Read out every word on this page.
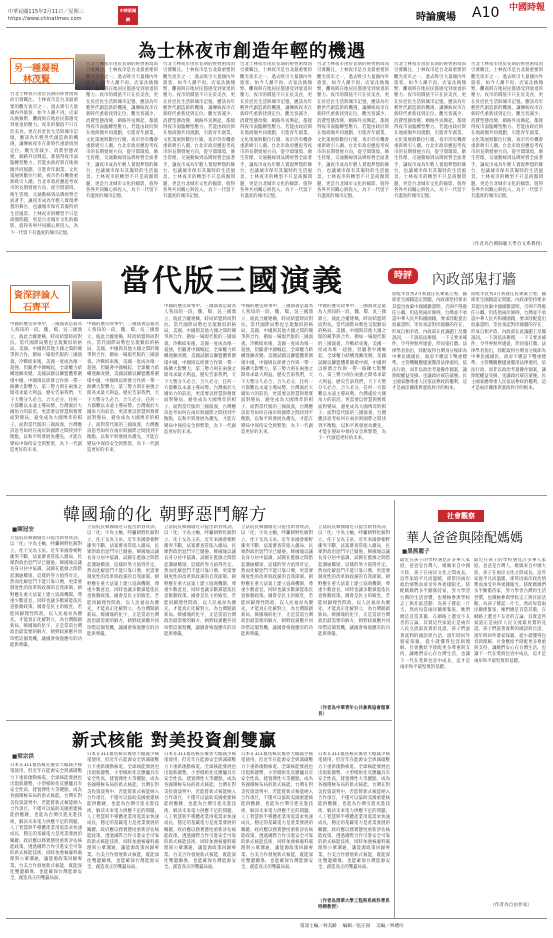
中華民國115年2月11日／星期三
https://www.chinatimes.com
中時新聞網	時論廣場 A10 中國時報
為士林夜市創造年輕的機遇
另一種凝視
林茂賢
台北士林夜市由於長期的經營困境而引發關注。士林夜市是台北最重要的觀光夜市之一，過去吸引大量國內外旅客，如今人潮不再、店家汰換頻繁，攤商與在地居民都感受到衰退的壓力。夜市的價值不只在於美食，更在於庶民生活與城市記憶，應該為年輕世代創造新的機遇，讓傳統夜市在新時代重新找到定位。觀光客減少、消費型態改變、網路外送興起，都使得夜市面臨轉型壓力。若能由政府與在地商圈共同規劃，引進青年創業、文化策展與數位行銷，夜市仍有機會重新吸引人潮。台北市政府應思考夜市的長期發展方向，從空間環境、衛生管理、交通動線到品牌經營全面著手，讓夜市成為年輕人實現夢想的舞台，也讓城市保有其獨特的生活風景。士林夜市的轉型不只是商圈問題，更是台北城市文化的縮影，值得各界共同關心與投入，為下一代留下有溫度的城市記憶。
台北士林夜市由於長期的經營困境而引發關注。士林夜市是台北最重要的觀光夜市之一，過去吸引大量國內外旅客，如今人潮不再、店家汰換頻繁，攤商與在地居民都感受到衰退的壓力。夜市的價值不只在於美食，更在於庶民生活與城市記憶，應該為年輕世代創造新的機遇，讓傳統夜市在新時代重新找到定位。觀光客減少、消費型態改變、網路外送興起，都使得夜市面臨轉型壓力。若能由政府與在地商圈共同規劃，引進青年創業、文化策展與數位行銷，夜市仍有機會重新吸引人潮。台北市政府應思考夜市的長期發展方向，從空間環境、衛生管理、交通動線到品牌經營全面著手，讓夜市成為年輕人實現夢想的舞台，也讓城市保有其獨特的生活風景。士林夜市的轉型不只是商圈問題，更是台北城市文化的縮影，值得各界共同關心與投入，為下一代留下有溫度的城市記憶。
台北士林夜市由於長期的經營困境而引發關注。士林夜市是台北最重要的觀光夜市之一，過去吸引大量國內外旅客，如今人潮不再、店家汰換頻繁，攤商與在地居民都感受到衰退的壓力。夜市的價值不只在於美食，更在於庶民生活與城市記憶，應該為年輕世代創造新的機遇，讓傳統夜市在新時代重新找到定位。觀光客減少、消費型態改變、網路外送興起，都使得夜市面臨轉型壓力。若能由政府與在地商圈共同規劃，引進青年創業、文化策展與數位行銷，夜市仍有機會重新吸引人潮。台北市政府應思考夜市的長期發展方向，從空間環境、衛生管理、交通動線到品牌經營全面著手，讓夜市成為年輕人實現夢想的舞台，也讓城市保有其獨特的生活風景。士林夜市的轉型不只是商圈問題，更是台北城市文化的縮影，值得各界共同關心與投入，為下一代留下有溫度的城市記憶。
台北士林夜市由於長期的經營困境而引發關注。士林夜市是台北最重要的觀光夜市之一，過去吸引大量國內外旅客，如今人潮不再、店家汰換頻繁，攤商與在地居民都感受到衰退的壓力。夜市的價值不只在於美食，更在於庶民生活與城市記憶，應該為年輕世代創造新的機遇，讓傳統夜市在新時代重新找到定位。觀光客減少、消費型態改變、網路外送興起，都使得夜市面臨轉型壓力。若能由政府與在地商圈共同規劃，引進青年創業、文化策展與數位行銷，夜市仍有機會重新吸引人潮。台北市政府應思考夜市的長期發展方向，從空間環境、衛生管理、交通動線到品牌經營全面著手，讓夜市成為年輕人實現夢想的舞台，也讓城市保有其獨特的生活風景。士林夜市的轉型不只是商圈問題，更是台北城市文化的縮影，值得各界共同關心與投入，為下一代留下有溫度的城市記憶。
台北士林夜市由於長期的經營困境而引發關注。士林夜市是台北最重要的觀光夜市之一，過去吸引大量國內外旅客，如今人潮不再、店家汰換頻繁，攤商與在地居民都感受到衰退的壓力。夜市的價值不只在於美食，更在於庶民生活與城市記憶，應該為年輕世代創造新的機遇，讓傳統夜市在新時代重新找到定位。觀光客減少、消費型態改變、網路外送興起，都使得夜市面臨轉型壓力。若能由政府與在地商圈共同規劃，引進青年創業、文化策展與數位行銷，夜市仍有機會重新吸引人潮。台北市政府應思考夜市的長期發展方向，從空間環境、衛生管理、交通動線到品牌經營全面著手，讓夜市成為年輕人實現夢想的舞台，也讓城市保有其獨特的生活風景。士林夜市的轉型不只是商圈問題，更是台北城市文化的縮影，值得各界共同關心與投入，為下一代留下有溫度的城市記憶。
台北士林夜市由於長期的經營困境而引發關注。士林夜市是台北最重要的觀光夜市之一，過去吸引大量國內外旅客，如今人潮不再、店家汰換頻繁，攤商與在地居民都感受到衰退的壓力。夜市的價值不只在於美食，更在於庶民生活與城市記憶，應該為年輕世代創造新的機遇，讓傳統夜市在新時代重新找到定位。觀光客減少、消費型態改變、網路外送興起，都使得夜市面臨轉型壓力。若能由政府與在地商圈共同規劃，引進青年創業、文化策展與數位行銷，夜市仍有機會重新吸引人潮。台北市政府應思考夜市的長期發展方向，從空間環境、衛生管理、交通動線到品牌經營全面著手，讓夜市成為年輕人實現夢想的舞台，也讓城市保有其獨特的生活風景。士林夜市的轉型不只是商圈問題，更是台北城市文化的縮影，值得各界共同關心與投入，為下一代留下有溫度的城市記憶。
台北士林夜市由於長期的經營困境而引發關注。士林夜市是台北最重要的觀光夜市之一，過去吸引大量國內外旅客，如今人潮不再、店家汰換頻繁，攤商與在地居民都感受到衰退的壓力。夜市的價值不只在於美食，更在於庶民生活與城市記憶，應該為年輕世代創造新的機遇，讓傳統夜市在新時代重新找到定位。觀光客減少、消費型態改變、網路外送興起，都使得夜市面臨轉型壓力。若能由政府與在地商圈共同規劃，引進青年創業、文化策展與數位行銷，夜市仍有機會重新吸引人潮。台北市政府應思考夜市的長期發展方向，從空間環境、衛生管理、交通動線到品牌經營全面著手，讓夜市成為年輕人實現夢想的舞台，也讓城市保有其獨特的生活風景。士林夜市的轉型不只是商圈問題，更是台北城市文化的縮影，值得各界共同關心與投入，為下一代留下有溫度的城市記憶。
（作者為台灣師範大學台文系教授）
當代版三國演義
資深評論人
石齊平
中國的歷史故事中，三國演義是最為人熟知的一段，魏、蜀、吳三國鼎立，彼此合縱連橫，時而結盟時而對抗。當代國際局勢也呈現類似的格局，美國、中國與其他大國之間的競爭與合作，猶如一場現代版的三國演義。冷戰結束後，美國一度成為唯一超強，但隨著中國崛起，全球權力結構逐漸改變。美國試圖以聯盟體系圍堵中國，中國則以經濟合作與一帶一路擴大影響力，第三勢力則在兩強之間尋求最大利益。歷史告訴我們，天下大勢分久必合、合久必分，任何一方都難以永遠主導局勢。台灣處於大國角力的前沿，更需要以智慧與務實面對變局，避免成為大國博弈的棋子。面對當代版的三國演義，台灣應該思考如何在兩岸與國際之間找到平衡點，以和平與發展為優先，才能在變局中保持安全與繁榮，為下一代創造更好的未來。
中國的歷史故事中，三國演義是最為人熟知的一段，魏、蜀、吳三國鼎立，彼此合縱連橫，時而結盟時而對抗。當代國際局勢也呈現類似的格局，美國、中國與其他大國之間的競爭與合作，猶如一場現代版的三國演義。冷戰結束後，美國一度成為唯一超強，但隨著中國崛起，全球權力結構逐漸改變。美國試圖以聯盟體系圍堵中國，中國則以經濟合作與一帶一路擴大影響力，第三勢力則在兩強之間尋求最大利益。歷史告訴我們，天下大勢分久必合、合久必分，任何一方都難以永遠主導局勢。台灣處於大國角力的前沿，更需要以智慧與務實面對變局，避免成為大國博弈的棋子。面對當代版的三國演義，台灣應該思考如何在兩岸與國際之間找到平衡點，以和平與發展為優先，才能在變局中保持安全與繁榮，為下一代創造更好的未來。
中國的歷史故事中，三國演義是最為人熟知的一段，魏、蜀、吳三國鼎立，彼此合縱連橫，時而結盟時而對抗。當代國際局勢也呈現類似的格局，美國、中國與其他大國之間的競爭與合作，猶如一場現代版的三國演義。冷戰結束後，美國一度成為唯一超強，但隨著中國崛起，全球權力結構逐漸改變。美國試圖以聯盟體系圍堵中國，中國則以經濟合作與一帶一路擴大影響力，第三勢力則在兩強之間尋求最大利益。歷史告訴我們，天下大勢分久必合、合久必分，任何一方都難以永遠主導局勢。台灣處於大國角力的前沿，更需要以智慧與務實面對變局，避免成為大國博弈的棋子。面對當代版的三國演義，台灣應該思考如何在兩岸與國際之間找到平衡點，以和平與發展為優先，才能在變局中保持安全與繁榮，為下一代創造更好的未來。
中國的歷史故事中，三國演義是最為人熟知的一段，魏、蜀、吳三國鼎立，彼此合縱連橫，時而結盟時而對抗。當代國際局勢也呈現類似的格局，美國、中國與其他大國之間的競爭與合作，猶如一場現代版的三國演義。冷戰結束後，美國一度成為唯一超強，但隨著中國崛起，全球權力結構逐漸改變。美國試圖以聯盟體系圍堵中國，中國則以經濟合作與一帶一路擴大影響力，第三勢力則在兩強之間尋求最大利益。歷史告訴我們，天下大勢分久必合、合久必分，任何一方都難以永遠主導局勢。台灣處於大國角力的前沿，更需要以智慧與務實面對變局，避免成為大國博弈的棋子。面對當代版的三國演義，台灣應該思考如何在兩岸與國際之間找到平衡點，以和平與發展為優先，才能在變局中保持安全與繁榮，為下一代創造更好的未來。
中國的歷史故事中，三國演義是最為人熟知的一段，魏、蜀、吳三國鼎立，彼此合縱連橫，時而結盟時而對抗。當代國際局勢也呈現類似的格局，美國、中國與其他大國之間的競爭與合作，猶如一場現代版的三國演義。冷戰結束後，美國一度成為唯一超強，但隨著中國崛起，全球權力結構逐漸改變。美國試圖以聯盟體系圍堵中國，中國則以經濟合作與一帶一路擴大影響力，第三勢力則在兩強之間尋求最大利益。歷史告訴我們，天下大勢分久必合、合久必分，任何一方都難以永遠主導局勢。台灣處於大國角力的前沿，更需要以智慧與務實面對變局，避免成為大國博弈的棋子。面對當代版的三國演義，台灣應該思考如何在兩岸與國際之間找到平衡點，以和平與發展為優先，才能在變局中保持安全與繁榮，為下一代創造更好的未來。
時評	內政部鬼打牆
陸配李貞秀2月初就任民眾黨立委，隨即產生國籍認定問題。內政部堅持要求其提出放棄中國國籍證明，否則不得擔任公職，但依照兩岸條例，台灣並不承認中華人民共和國國籍，要求陸配提出放棄證明，等於承認對岸國籍的存在，形成自相矛盾。內政部在此議題上反覆說詞，一下說依法辦理，一下又要求補件，令外界無所適從，形同鬼打牆。法律學者指出，陸配取得台灣身分後即為中華民國國民，政府不應設下雙重標準。主管機關應儘速釐清法律適用，依法行政，而非以政治考量操作個案，讓陸配權益受損，也讓政府威信蒙塵。民主國家應尊重人民依法參政的權利，這才是兩岸關係與憲政秩序的根本。
陸配李貞秀2月初就任民眾黨立委，隨即產生國籍認定問題。內政部堅持要求其提出放棄中國國籍證明，否則不得擔任公職，但依照兩岸條例，台灣並不承認中華人民共和國國籍，要求陸配提出放棄證明，等於承認對岸國籍的存在，形成自相矛盾。內政部在此議題上反覆說詞，一下說依法辦理，一下又要求補件，令外界無所適從，形同鬼打牆。法律學者指出，陸配取得台灣身分後即為中華民國國民，政府不應設下雙重標準。主管機關應儘速釐清法律適用，依法行政，而非以政治考量操作個案，讓陸配權益受損，也讓政府威信蒙塵。民主國家應尊重人民依法參政的權利，這才是兩岸關係與憲政秩序的根本。
韓國瑜的化 朝野惡鬥解方
■陳冠安
立法院長韓國瑜近日提出新春賀詞，以「化」字為主軸，呼籲朝野化解對立、化干戈為玉帛。近年來國會朝野衝突不斷，法案審查常陷入僵局，民眾對政治惡鬥早已厭倦。韓國瑜以議長身分居中協調，試圖在藍綠之間搭起溝通橋梁，這樣的努力值得肯定。然而化解惡鬥不能只靠口號，更需要制度性的改革與政黨的自我節制。朝野應在重大法案上建立協商機制，尊重少數意見，同時也讓多數黨能依民意推動政策。國會是民主的殿堂，若能回歸理性問政，以人民福祉為優先，才能真正化解對立，為台灣開創新局。韓國瑜的化字，正是當前台灣政治最需要的解方，朝野政黨應共同珍惜這個契機，讓國會恢復應有的功能與尊嚴。
立法院長韓國瑜近日提出新春賀詞，以「化」字為主軸，呼籲朝野化解對立、化干戈為玉帛。近年來國會朝野衝突不斷，法案審查常陷入僵局，民眾對政治惡鬥早已厭倦。韓國瑜以議長身分居中協調，試圖在藍綠之間搭起溝通橋梁，這樣的努力值得肯定。然而化解惡鬥不能只靠口號，更需要制度性的改革與政黨的自我節制。朝野應在重大法案上建立協商機制，尊重少數意見，同時也讓多數黨能依民意推動政策。國會是民主的殿堂，若能回歸理性問政，以人民福祉為優先，才能真正化解對立，為台灣開創新局。韓國瑜的化字，正是當前台灣政治最需要的解方，朝野政黨應共同珍惜這個契機，讓國會恢復應有的功能與尊嚴。
立法院長韓國瑜近日提出新春賀詞，以「化」字為主軸，呼籲朝野化解對立、化干戈為玉帛。近年來國會朝野衝突不斷，法案審查常陷入僵局，民眾對政治惡鬥早已厭倦。韓國瑜以議長身分居中協調，試圖在藍綠之間搭起溝通橋梁，這樣的努力值得肯定。然而化解惡鬥不能只靠口號，更需要制度性的改革與政黨的自我節制。朝野應在重大法案上建立協商機制，尊重少數意見，同時也讓多數黨能依民意推動政策。國會是民主的殿堂，若能回歸理性問政，以人民福祉為優先，才能真正化解對立，為台灣開創新局。韓國瑜的化字，正是當前台灣政治最需要的解方，朝野政黨應共同珍惜這個契機，讓國會恢復應有的功能與尊嚴。
立法院長韓國瑜近日提出新春賀詞，以「化」字為主軸，呼籲朝野化解對立、化干戈為玉帛。近年來國會朝野衝突不斷，法案審查常陷入僵局，民眾對政治惡鬥早已厭倦。韓國瑜以議長身分居中協調，試圖在藍綠之間搭起溝通橋梁，這樣的努力值得肯定。然而化解惡鬥不能只靠口號，更需要制度性的改革與政黨的自我節制。朝野應在重大法案上建立協商機制，尊重少數意見，同時也讓多數黨能依民意推動政策。國會是民主的殿堂，若能回歸理性問政，以人民福祉為優先，才能真正化解對立，為台灣開創新局。韓國瑜的化字，正是當前台灣政治最需要的解方，朝野政黨應共同珍惜這個契機，讓國會恢復應有的功能與尊嚴。
立法院長韓國瑜近日提出新春賀詞，以「化」字為主軸，呼籲朝野化解對立、化干戈為玉帛。近年來國會朝野衝突不斷，法案審查常陷入僵局，民眾對政治惡鬥早已厭倦。韓國瑜以議長身分居中協調，試圖在藍綠之間搭起溝通橋梁，這樣的努力值得肯定。然而化解惡鬥不能只靠口號，更需要制度性的改革與政黨的自我節制。朝野應在重大法案上建立協商機制，尊重少數意見，同時也讓多數黨能依民意推動政策。國會是民主的殿堂，若能回歸理性問政，以人民福祉為優先，才能真正化解對立，為台灣開創新局。韓國瑜的化字，正是當前台灣政治最需要的解方，朝野政黨應共同珍惜這個契機，讓國會恢復應有的功能與尊嚴。
（作者為中華青年公共參與協會理事長）
社會觀察
華人爸爸與陸配媽媽
■黑熊麗子
最近在孩子的學校遇見許多華人家庭，爸爸是台灣人，媽媽來自中國大陸，孩子在兩岸文化之間成長。這些家庭平凡而溫暖，卻常因兩岸政治情勢而承受外界異樣眼光。陸配媽媽們多半勤奮持家，努力學習台灣的生活習慣，也積極參與學校志工與社區活動，為孩子撐起一片天。然而每當兩岸關係緊張，她們總是首當其衝，在網路上遭受不友善的言論。其實這些家庭正是兩岸人民交流最真實的見證，孩子們說著流利的國語與台語，過年時回外婆家探親，從小就懂得包容與理解。社會應給予陸配更多尊重與支持，讓她們安心在台灣生活，也讓下一代在愛與包容中成長，這才是兩岸和平最堅實的基礎。
最近在孩子的學校遇見許多華人家庭，爸爸是台灣人，媽媽來自中國大陸，孩子在兩岸文化之間成長。這些家庭平凡而溫暖，卻常因兩岸政治情勢而承受外界異樣眼光。陸配媽媽們多半勤奮持家，努力學習台灣的生活習慣，也積極參與學校志工與社區活動，為孩子撐起一片天。然而每當兩岸關係緊張，她們總是首當其衝，在網路上遭受不友善的言論。其實這些家庭正是兩岸人民交流最真實的見證，孩子們說著流利的國語與台語，過年時回外婆家探親，從小就懂得包容與理解。社會應給予陸配更多尊重與支持，讓她們安心在台灣生活，也讓下一代在愛與包容中成長，這才是兩岸和平最堅實的基礎。
（作者為自由作家）
新式核能 對美投資創雙贏
■梁宗洪
日本在311福島核災後曾大幅減少核電使用，但近年在能源安全與減碳壓力下重新啟動核電。全球核能發展也出現新趨勢，小型模組化反應爐具有安全性高、建置彈性大等優點，成為各國積極布局的新式核能。台灣在對美投資談判中，若能將新式核能納入合作項目，不僅可以協助美國重建核能供應鏈，也能為台灣引進先進技術，解決未來電力供應不足的問題。人工智慧與半導體產業用電需求快速成長，穩定的基載電力是產業發展的關鍵。政府應以務實態度重新評估核能政策，透過國際合作引進安全可靠的新式核能技術，同時加強核廢料處理與公眾溝通，讓能源政策回歸專業。台美合作發展新式核能，既能深化雙邊關係，也能確保台灣能源安全，創造真正的雙贏局面。
日本在311福島核災後曾大幅減少核電使用，但近年在能源安全與減碳壓力下重新啟動核電。全球核能發展也出現新趨勢，小型模組化反應爐具有安全性高、建置彈性大等優點，成為各國積極布局的新式核能。台灣在對美投資談判中，若能將新式核能納入合作項目，不僅可以協助美國重建核能供應鏈，也能為台灣引進先進技術，解決未來電力供應不足的問題。人工智慧與半導體產業用電需求快速成長，穩定的基載電力是產業發展的關鍵。政府應以務實態度重新評估核能政策，透過國際合作引進安全可靠的新式核能技術，同時加強核廢料處理與公眾溝通，讓能源政策回歸專業。台美合作發展新式核能，既能深化雙邊關係，也能確保台灣能源安全，創造真正的雙贏局面。
日本在311福島核災後曾大幅減少核電使用，但近年在能源安全與減碳壓力下重新啟動核電。全球核能發展也出現新趨勢，小型模組化反應爐具有安全性高、建置彈性大等優點，成為各國積極布局的新式核能。台灣在對美投資談判中，若能將新式核能納入合作項目，不僅可以協助美國重建核能供應鏈，也能為台灣引進先進技術，解決未來電力供應不足的問題。人工智慧與半導體產業用電需求快速成長，穩定的基載電力是產業發展的關鍵。政府應以務實態度重新評估核能政策，透過國際合作引進安全可靠的新式核能技術，同時加強核廢料處理與公眾溝通，讓能源政策回歸專業。台美合作發展新式核能，既能深化雙邊關係，也能確保台灣能源安全，創造真正的雙贏局面。
日本在311福島核災後曾大幅減少核電使用，但近年在能源安全與減碳壓力下重新啟動核電。全球核能發展也出現新趨勢，小型模組化反應爐具有安全性高、建置彈性大等優點，成為各國積極布局的新式核能。台灣在對美投資談判中，若能將新式核能納入合作項目，不僅可以協助美國重建核能供應鏈，也能為台灣引進先進技術，解決未來電力供應不足的問題。人工智慧與半導體產業用電需求快速成長，穩定的基載電力是產業發展的關鍵。政府應以務實態度重新評估核能政策，透過國際合作引進安全可靠的新式核能技術，同時加強核廢料處理與公眾溝通，讓能源政策回歸專業。台美合作發展新式核能，既能深化雙邊關係，也能確保台灣能源安全，創造真正的雙贏局面。
日本在311福島核災後曾大幅減少核電使用，但近年在能源安全與減碳壓力下重新啟動核電。全球核能發展也出現新趨勢，小型模組化反應爐具有安全性高、建置彈性大等優點，成為各國積極布局的新式核能。台灣在對美投資談判中，若能將新式核能納入合作項目，不僅可以協助美國重建核能供應鏈，也能為台灣引進先進技術，解決未來電力供應不足的問題。人工智慧與半導體產業用電需求快速成長，穩定的基載電力是產業發展的關鍵。政府應以務實態度重新評估核能政策，透過國際合作引進安全可靠的新式核能技術，同時加強核廢料處理與公眾溝通，讓能源政策回歸專業。台美合作發展新式核能，既能深化雙邊關係，也能確保台灣能源安全，創造真正的雙贏局面。
（作者為清華大學工程與系統科學系特聘教授）
資深主編／林美齡 編輯／張正揚 美編／林禮玲
